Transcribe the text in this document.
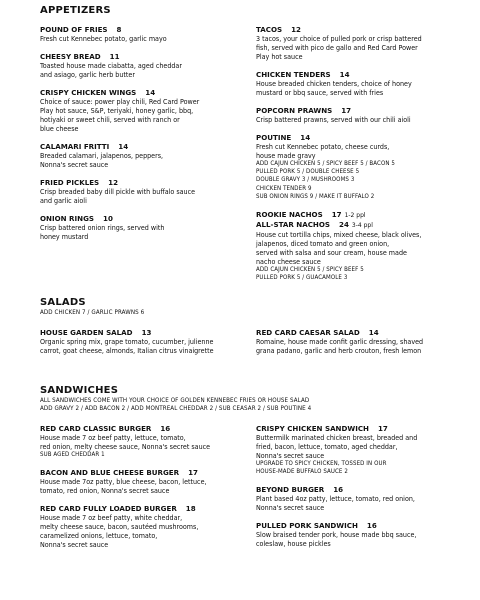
APPETIZERS
POUND OF FRIES 8
Fresh cut Kennebec potato, garlic mayo
CHEESY BREAD 11
Toasted house made ciabatta, aged cheddar
and asiago, garlic herb butter
CRISPY CHICKEN WINGS 14
Choice of sauce: power play chili, Red Card Power
Play hot sauce, S&P, teriyaki, honey garlic, bbq,
hotiyaki or sweet chili, served with ranch or
blue cheese
CALAMARI FRITTI 14
Breaded calamari, jalapenos, peppers,
Nonna's secret sauce
FRIED PICKLES 12
Crisp breaded baby dill pickle with buffalo sauce
and garlic aioli
ONION RINGS 10
Crisp battered onion rings, served with
honey mustard
TACOS 12
3 tacos, your choice of pulled pork or crisp battered
fish, served with pico de gallo and Red Card Power
Play hot sauce
CHICKEN TENDERS 14
House breaded chicken tenders, choice of honey
mustard or bbq sauce, served with fries
POPCORN PRAWNS 17
Crisp battered prawns, served with our chili aioli
POUTINE 14
Fresh cut Kennebec potato, cheese curds,
house made gravy
ADD CAJUN CHICKEN 5 / SPICY BEEF 5 / BACON 5
PULLED PORK 5 / DOUBLE CHEESE 5
DOUBLE GRAVY 3 / MUSHROOMS 3
CHICKEN TENDER 9
SUB ONION RINGS 9 / MAKE IT BUFFALO 2
ROOKIE NACHOS 17 1-2 ppl
ALL-STAR NACHOS 24 3-4 ppl
House cut tortilla chips, mixed cheese, black olives,
jalapenos, diced tomato and green onion,
served with salsa and sour cream, house made
nacho cheese sauce
ADD CAJUN CHICKEN 5 / SPICY BEEF 5
PULLED PORK 5 / GUACAMOLE 3
SALADS
ADD CHICKEN 7 / GARLIC PRAWNS 6
HOUSE GARDEN SALAD 13
Organic spring mix, grape tomato, cucumber, julienne
carrot, goat cheese, almonds, Italian citrus vinaigrette
RED CARD CAESAR SALAD 14
Romaine, house made confit garlic dressing, shaved
grana padano, garlic and herb crouton, fresh lemon
SANDWICHES
ALL SANDWICHES COME WITH YOUR CHOICE OF GOLDEN KENNEBEC FRIES OR HOUSE SALAD
ADD GRAVY 2 / ADD BACON 2 / ADD MONTREAL CHEDDAR 2 / SUB CEASAR 2 / SUB POUTINE 4
RED CARD CLASSIC BURGER 16
House made 7 oz beef patty, lettuce, tomato,
red onion, melty cheese sauce, Nonna's secret sauce
SUB AGED CHEDDAR 1
BACON AND BLUE CHEESE BURGER 17
House made 7oz patty, blue cheese, bacon, lettuce,
tomato, red onion, Nonna's secret sauce
RED CARD FULLY LOADED BURGER 18
House made 7 oz beef patty, white cheddar,
melty cheese sauce, bacon, sautéed mushrooms,
caramelized onions, lettuce, tomato,
Nonna's secret sauce
CRISPY CHICKEN SANDWICH 17
Buttermilk marinated chicken breast, breaded and
fried, bacon, lettuce, tomato, aged cheddar,
Nonna's secret sauce
UPGRADE TO SPICY CHICKEN, TOSSED IN OUR
HOUSE-MADE BUFFALO SAUCE 2
BEYOND BURGER 16
Plant based 4oz patty, lettuce, tomato, red onion,
Nonna's secret sauce
PULLED PORK SANDWICH 16
Slow braised tender pork, house made bbq sauce,
coleslaw, house pickles
